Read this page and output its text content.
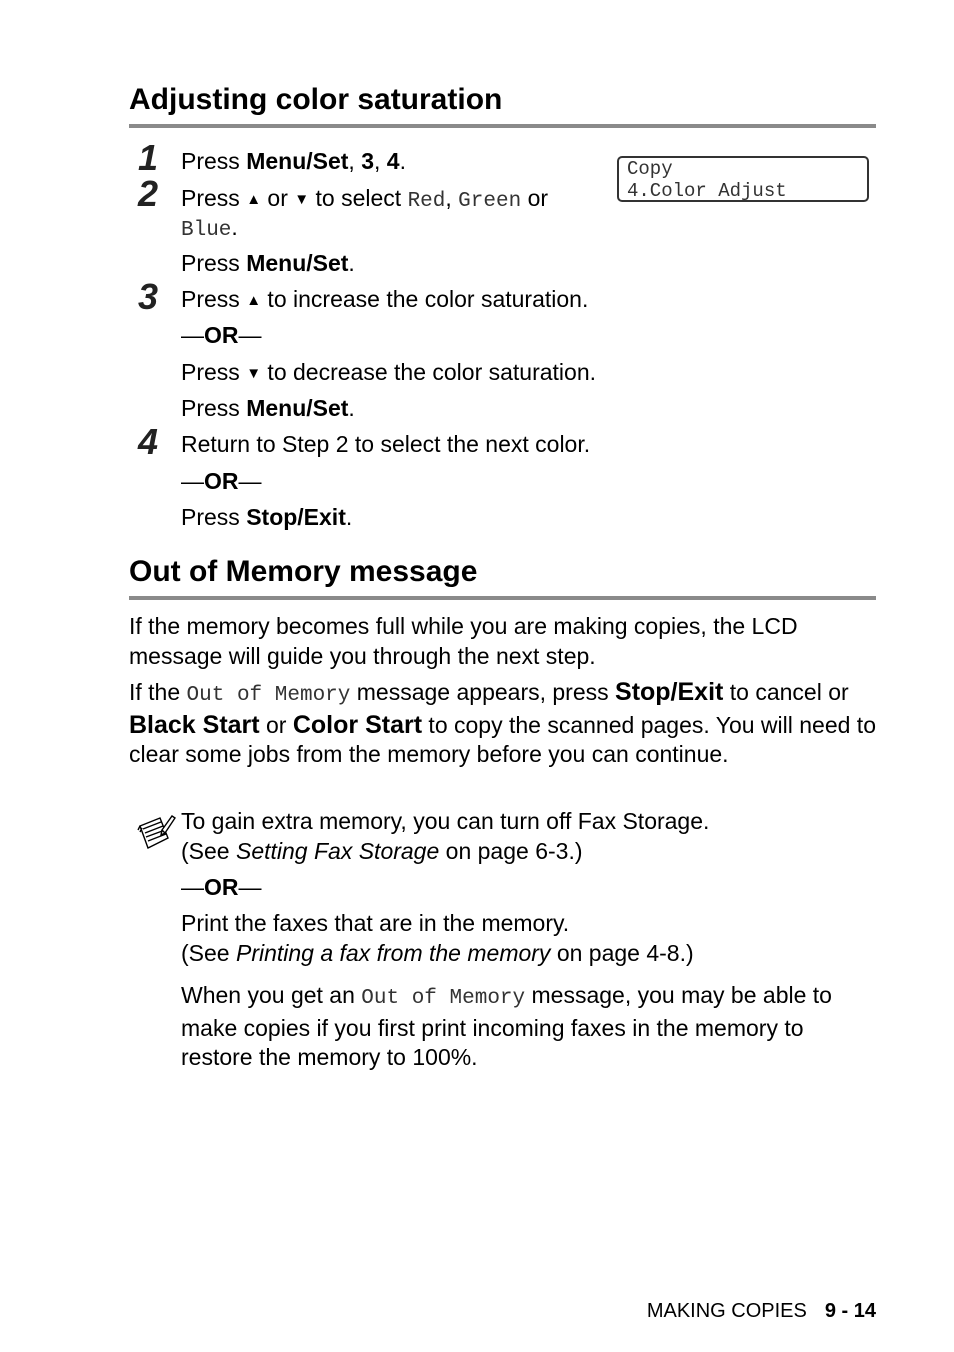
Adjusting color saturation
Copy
4.Color Adjust
1 Press Menu/Set, 3, 4.
2 Press ▲ or ▼ to select Red, Green or
Blue.
Press Menu/Set.
3 Press ▲ to increase the color saturation.
—OR—
Press ▼ to decrease the color saturation.
Press Menu/Set.
4 Return to Step 2 to select the next color.
—OR—
Press Stop/Exit.
Out of Memory message
If the memory becomes full while you are making copies, the LCD message will guide you through the next step.
If the Out of Memory message appears, press Stop/Exit to cancel or Black Start or Color Start to copy the scanned pages. You will need to clear some jobs from the memory before you can continue.
To gain extra memory, you can turn off Fax Storage.
(See Setting Fax Storage on page 6-3.)
—OR—
Print the faxes that are in the memory.
(See Printing a fax from the memory on page 4-8.)
When you get an Out of Memory message, you may be able to make copies if you first print incoming faxes in the memory to restore the memory to 100%.
MAKING COPIES 9 - 14
